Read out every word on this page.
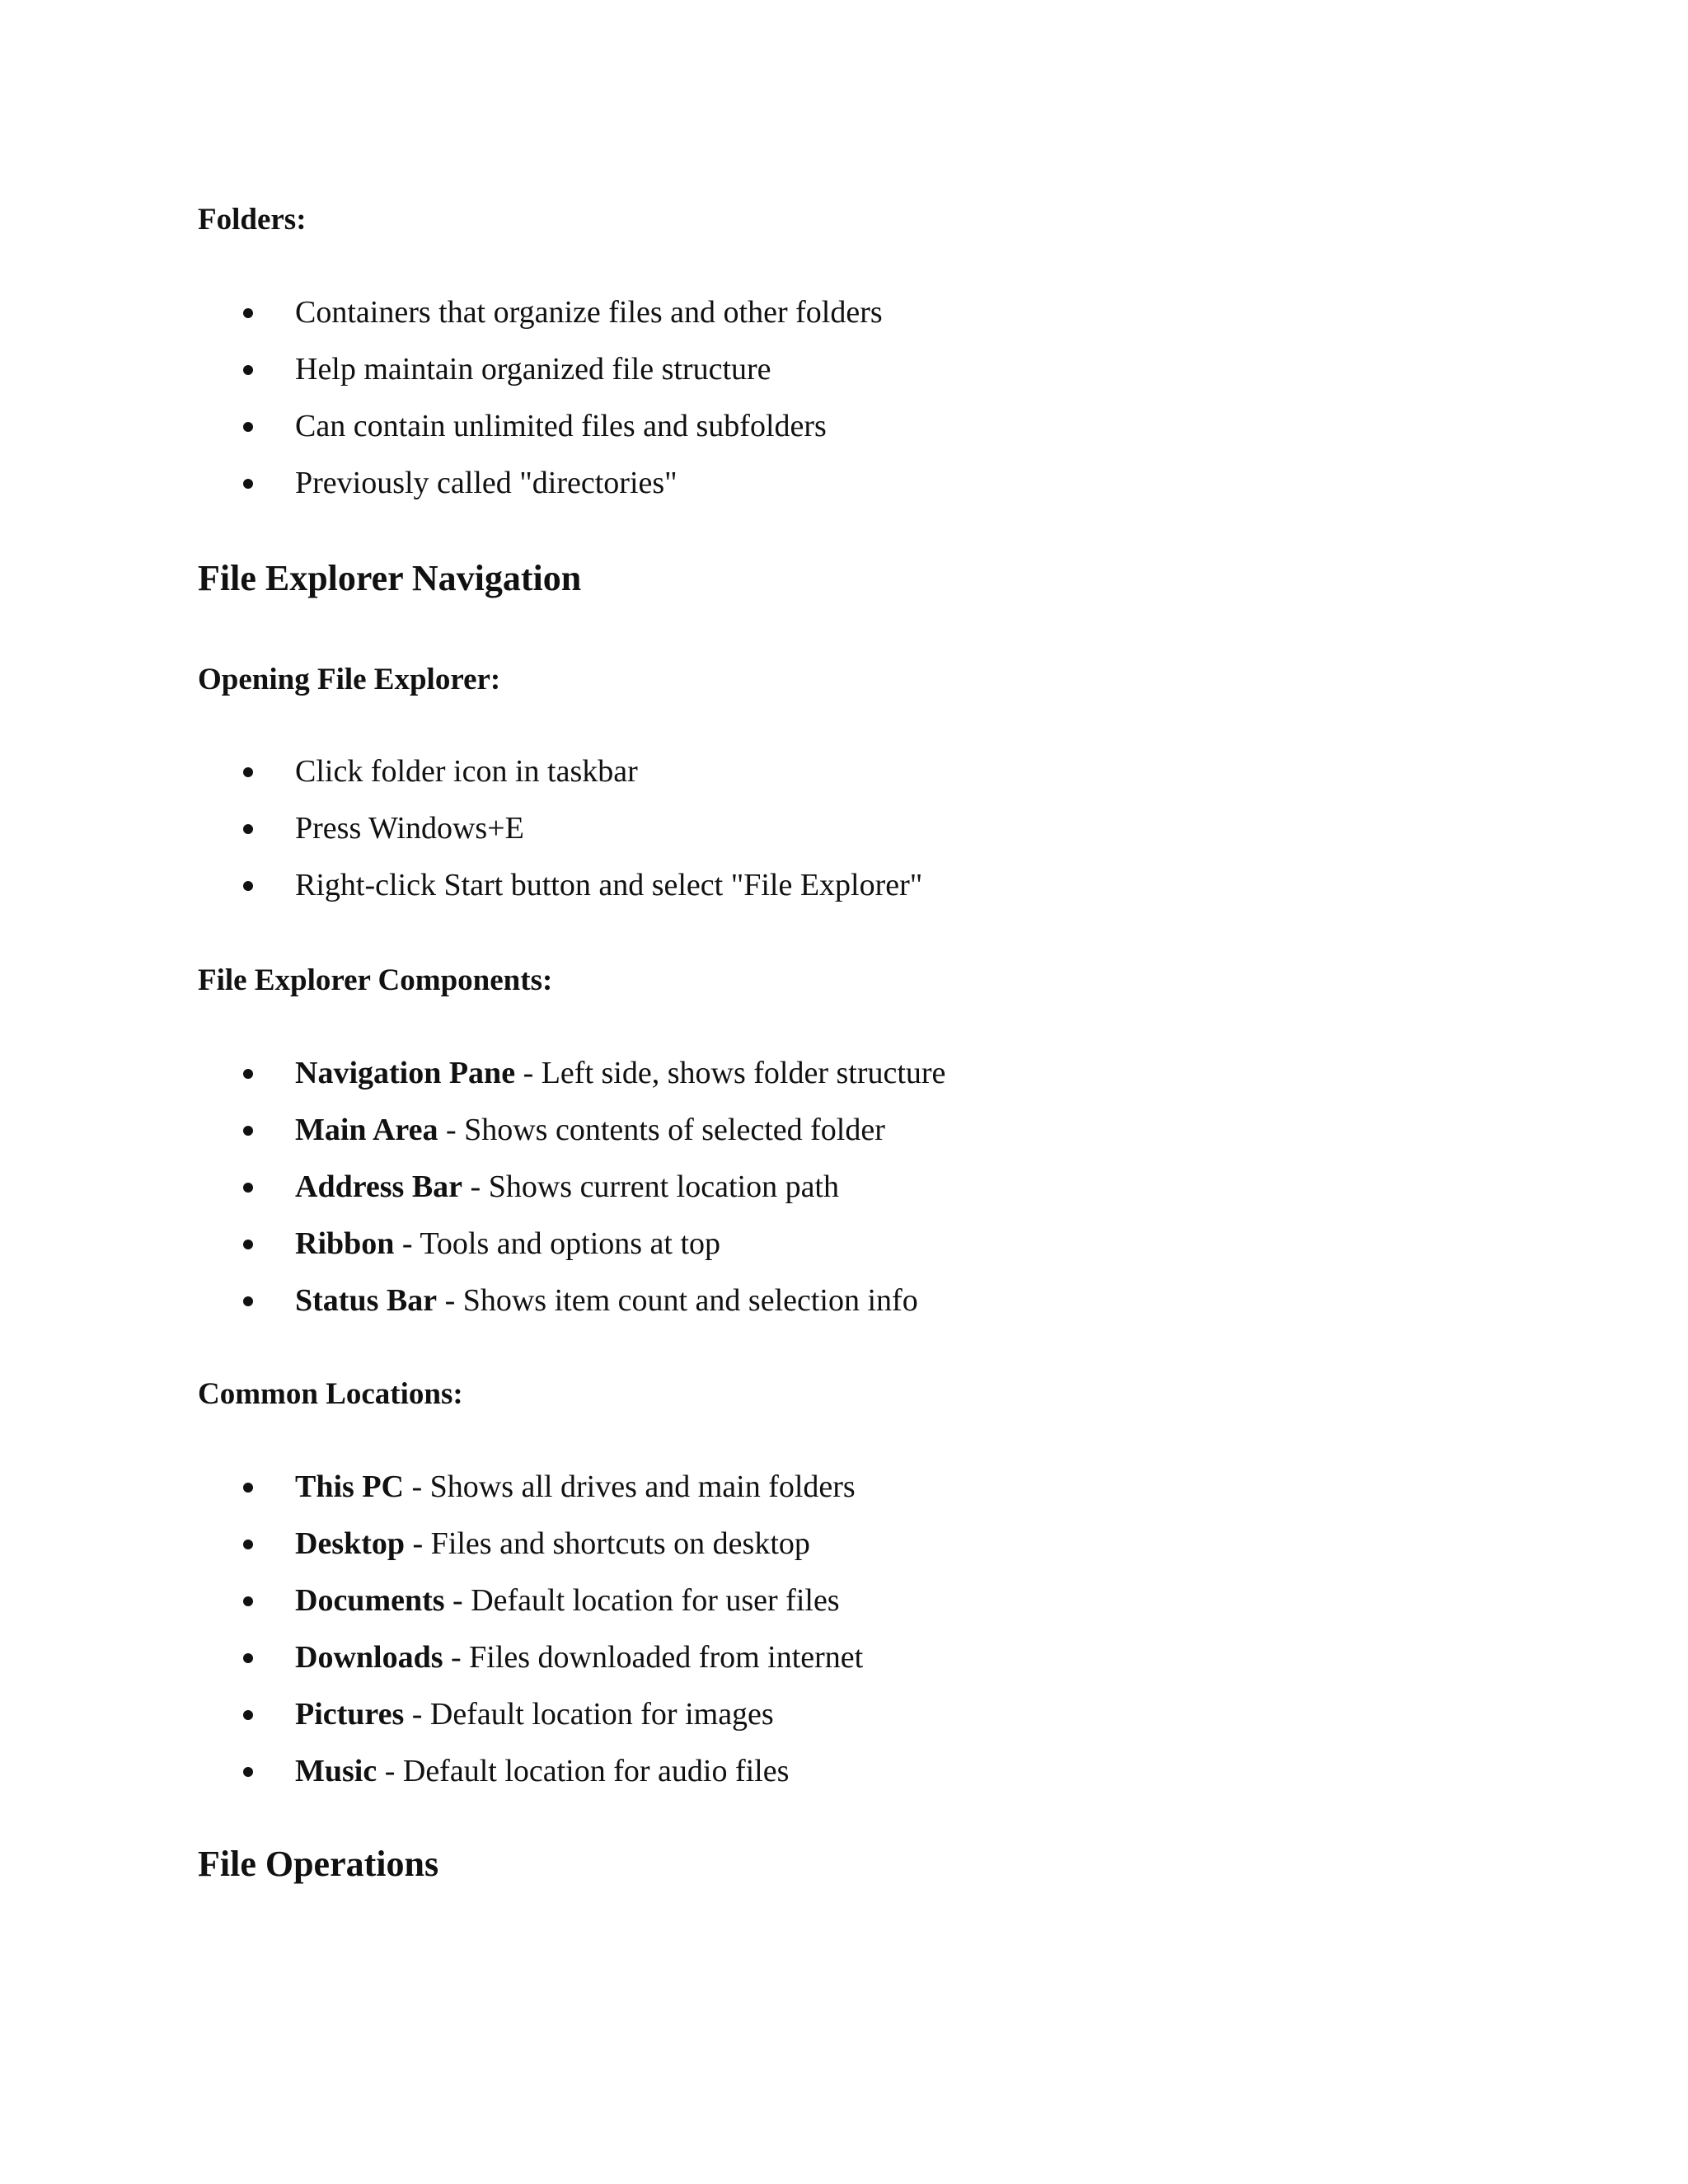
Folders:
Containers that organize files and other folders
Help maintain organized file structure
Can contain unlimited files and subfolders
Previously called "directories"
File Explorer Navigation
Opening File Explorer:
Click folder icon in taskbar
Press Windows+E
Right-click Start button and select "File Explorer"
File Explorer Components:
Navigation Pane - Left side, shows folder structure
Main Area - Shows contents of selected folder
Address Bar - Shows current location path
Ribbon - Tools and options at top
Status Bar - Shows item count and selection info
Common Locations:
This PC - Shows all drives and main folders
Desktop - Files and shortcuts on desktop
Documents - Default location for user files
Downloads - Files downloaded from internet
Pictures - Default location for images
Music - Default location for audio files
File Operations
